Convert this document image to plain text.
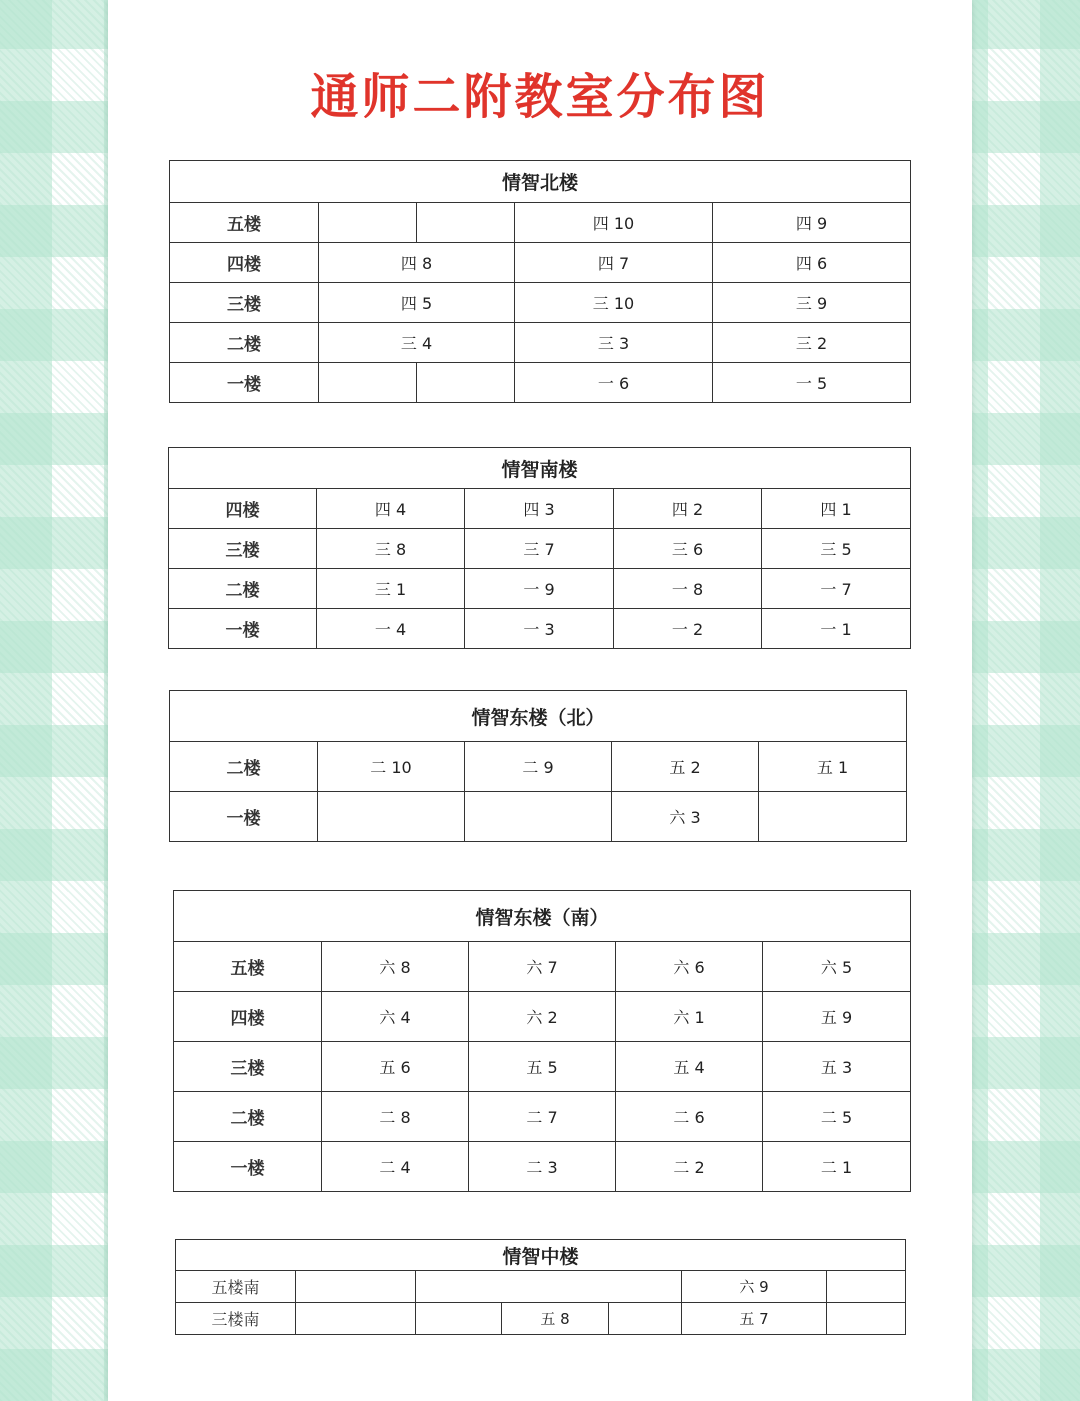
通师二附教室分布图
情智北楼				
五楼			四 10	四 9
四楼	四 8		四 7	四 6
三楼	四 5		三 10	三 9
二楼	三 4		三 3	三 2
一楼			一 6	一 5
情智南楼				
四楼	四 4	四 3	四 2	四 1
三楼	三 8	三 7	三 6	三 5
二楼	三 1	一 9	一 8	一 7
一楼	一 4	一 3	一 2	一 1
情智东楼（北）				
二楼	二 10	二 9	五 2	五 1
一楼			六 3	
情智东楼（南）				
五楼	六 8	六 7	六 6	六 5
四楼	六 4	六 2	六 1	五 9
三楼	五 6	五 5	五 4	五 3
二楼	二 8	二 7	二 6	二 5
一楼	二 4	二 3	二 2	二 1
情智中楼						
五楼南					六 9	
三楼南			五 8		五 7	
